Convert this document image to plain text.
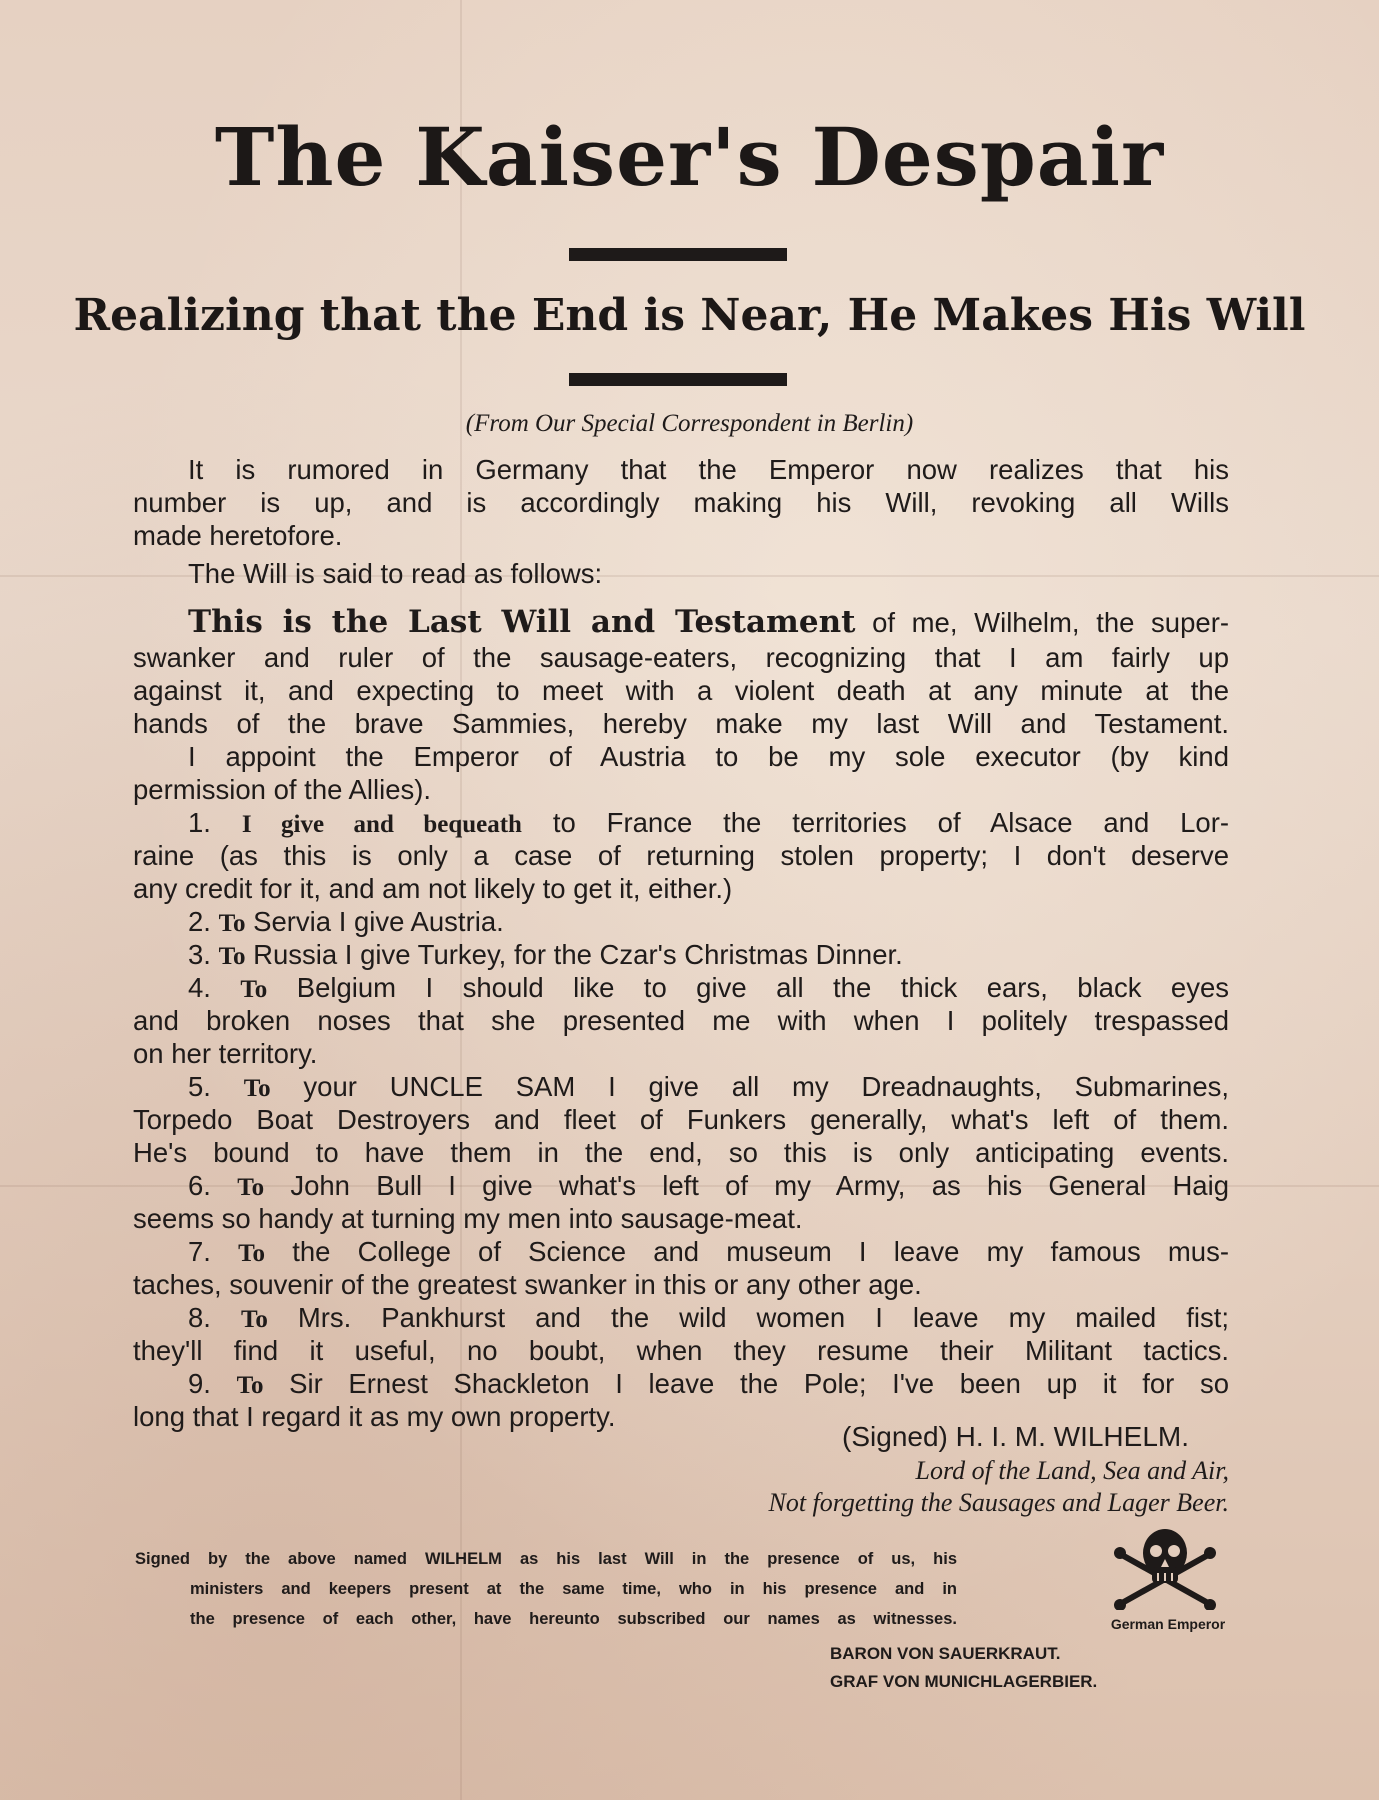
The Kaiser's Despair
Realizing that the End is Near, He Makes His Will
(From Our Special Correspondent in Berlin)
It is rumored in Germany that the Emperor now realizes that his
number is up, and is accordingly making his Will, revoking all Wills
made heretofore.
The Will is said to read as follows:
This is the Last Will and Testament of me, Wilhelm, the super-
swanker and ruler of the sausage-eaters, recognizing that I am fairly up
against it, and expecting to meet with a violent death at any minute at the
hands of the brave Sammies, hereby make my last Will and Testament.
I appoint the Emperor of Austria to be my sole executor (by kind
permission of the Allies).
1. I give and bequeath to France the territories of Alsace and Lor-
raine (as this is only a case of returning stolen property; I don't deserve
any credit for it, and am not likely to get it, either.)
2. To Servia I give Austria.
3. To Russia I give Turkey, for the Czar's Christmas Dinner.
4. To Belgium I should like to give all the thick ears, black eyes
and broken noses that she presented me with when I politely trespassed
on her territory.
5. To your UNCLE SAM I give all my Dreadnaughts, Submarines,
Torpedo Boat Destroyers and fleet of Funkers generally, what's left of them.
He's bound to have them in the end, so this is only anticipating events.
6. To John Bull I give what's left of my Army, as his General Haig
seems so handy at turning my men into sausage-meat.
7. To the College of Science and museum I leave my famous mus-
taches, souvenir of the greatest swanker in this or any other age.
8. To Mrs. Pankhurst and the wild women I leave my mailed fist;
they'll find it useful, no boubt, when they resume their Militant tactics.
9. To Sir Ernest Shackleton I leave the Pole; I've been up it for so
long that I regard it as my own property.
(Signed) H. I. M. WILHELM.
Lord of the Land, Sea and Air,
Not forgetting the Sausages and Lager Beer.
Signed by the above named WILHELM as his last Will in the presence of us, his
ministers and keepers present at the same time, who in his presence and in
the presence of each other, have hereunto subscribed our names as witnesses.	German Emperor
BARON VON SAUERKRAUT.
GRAF VON MUNICHLAGERBIER.
